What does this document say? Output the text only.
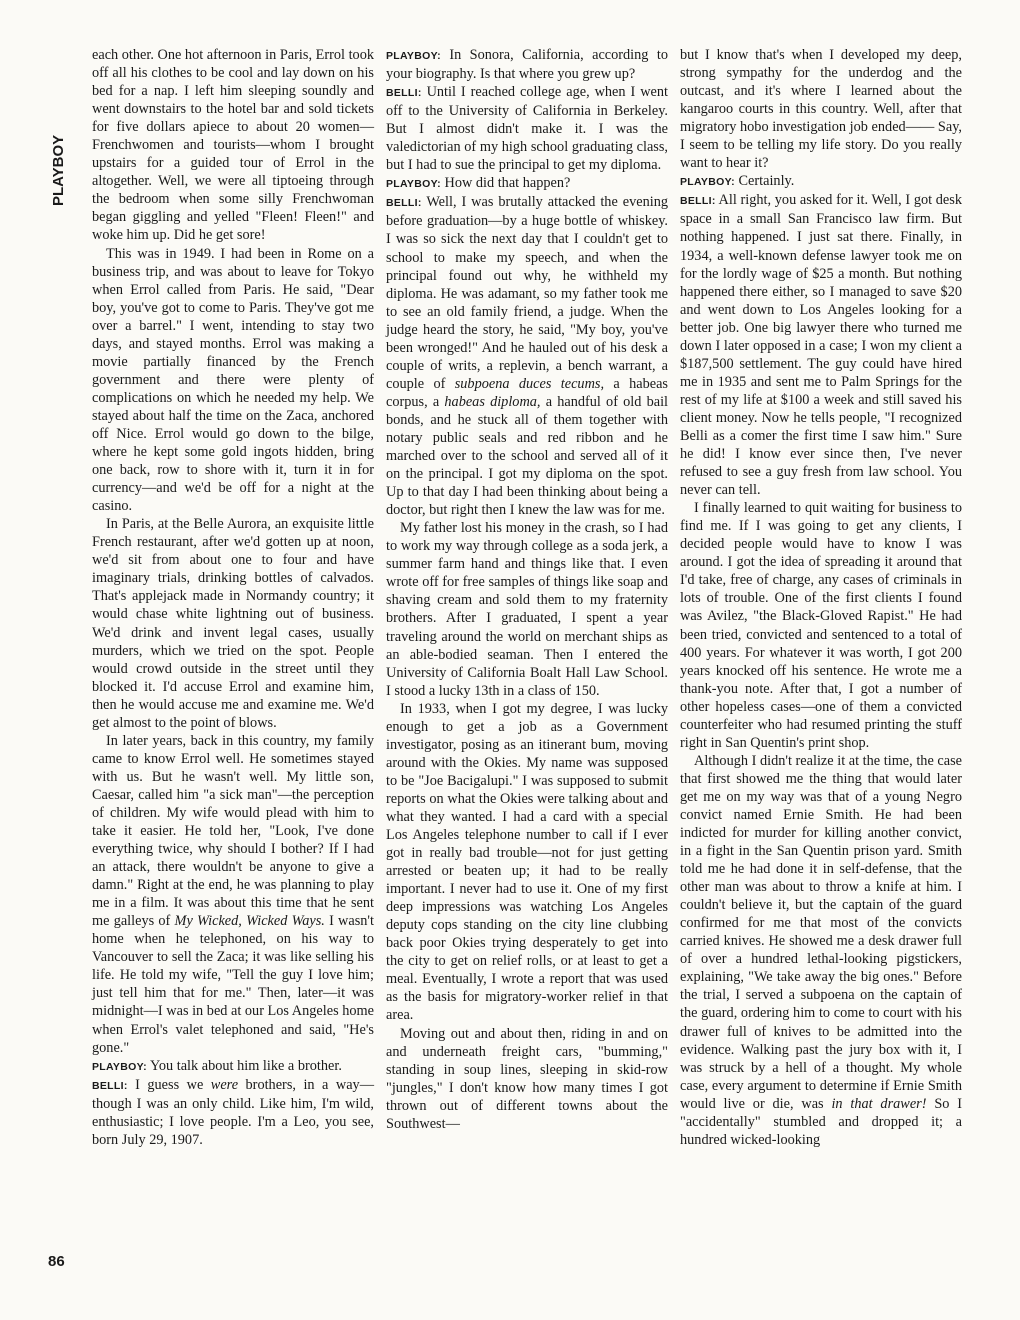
PLAYBOY

each other. One hot afternoon in Paris, Errol took off all his clothes to be cool and lay down on his bed for a nap. I left him sleeping soundly and went downstairs to the hotel bar and sold tickets for five dollars apiece to about 20 women—Frenchwomen and tourists—whom I brought upstairs for a guided tour of Errol in the altogether. Well, we were all tiptoeing through the bedroom when some silly Frenchwoman began giggling and yelled "Fleen! Fleen!" and woke him up. Did he get sore!

This was in 1949. I had been in Rome on a business trip, and was about to leave for Tokyo when Errol called from Paris. He said, "Dear boy, you've got to come to Paris. They've got me over a barrel." I went, intending to stay two days, and stayed months. Errol was making a movie partially financed by the French government and there were plenty of complications on which he needed my help. We stayed about half the time on the Zaca, anchored off Nice. Errol would go down to the bilge, where he kept some gold ingots hidden, bring one back, row to shore with it, turn it in for currency—and we'd be off for a night at the casino.

In Paris, at the Belle Aurora, an exquisite little French restaurant, after we'd gotten up at noon, we'd sit from about one to four and have imaginary trials, drinking bottles of calvados. That's applejack made in Normandy country; it would chase white lightning out of business. We'd drink and invent legal cases, usually murders, which we tried on the spot. People would crowd outside in the street until they blocked it. I'd accuse Errol and examine him, then he would accuse me and examine me. We'd get almost to the point of blows.

In later years, back in this country, my family came to know Errol well. He sometimes stayed with us. But he wasn't well. My little son, Caesar, called him "a sick man"—the perception of children. My wife would plead with him to take it easier. He told her, "Look, I've done everything twice, why should I bother? If I had an attack, there wouldn't be anyone to give a damn." Right at the end, he was planning to play me in a film. It was about this time that he sent me galleys of My Wicked, Wicked Ways. I wasn't home when he telephoned, on his way to Vancouver to sell the Zaca; it was like selling his life. He told my wife, "Tell the guy I love him; just tell him that for me." Then, later—it was midnight—I was in bed at our Los Angeles home when Errol's valet telephoned and said, "He's gone."

PLAYBOY: You talk about him like a brother.

BELLI: I guess we were brothers, in a way—though I was an only child. Like him, I'm wild, enthusiastic; I love people. I'm a Leo, you see, born July 29, 1907.

PLAYBOY: In Sonora, California, according to your biography. Is that where you grew up?

BELLI: Until I reached college age, when I went off to the University of California in Berkeley. But I almost didn't make it. I was the valedictorian of my high school graduating class, but I had to sue the principal to get my diploma.

PLAYBOY: How did that happen?

BELLI: Well, I was brutally attacked the evening before graduation—by a huge bottle of whiskey. I was so sick the next day that I couldn't get to school to make my speech, and when the principal found out why, he withheld my diploma. He was adamant, so my father took me to see an old family friend, a judge. When the judge heard the story, he said, "My boy, you've been wronged!" And he hauled out of his desk a couple of writs, a replevin, a bench warrant, a couple of subpoena duces tecums, a habeas corpus, a habeas diploma, a handful of old bail bonds, and he stuck all of them together with notary public seals and red ribbon and he marched over to the school and served all of it on the principal. I got my diploma on the spot. Up to that day I had been thinking about being a doctor, but right then I knew the law was for me.

My father lost his money in the crash, so I had to work my way through college as a soda jerk, a summer farm hand and things like that. I even wrote off for free samples of things like soap and shaving cream and sold them to my fraternity brothers. After I graduated, I spent a year traveling around the world on merchant ships as an able-bodied seaman. Then I entered the University of California Boalt Hall Law School. I stood a lucky 13th in a class of 150.

In 1933, when I got my degree, I was lucky enough to get a job as a Government investigator, posing as an itinerant bum, moving around with the Okies. My name was supposed to be "Joe Bacigalupi." I was supposed to submit reports on what the Okies were talking about and what they wanted. I had a card with a special Los Angeles telephone number to call if I ever got in really bad trouble—not for just getting arrested or beaten up; it had to be really important. I never had to use it. One of my first deep impressions was watching Los Angeles deputy cops standing on the city line clubbing back poor Okies trying desperately to get into the city to get on relief rolls, or at least to get a meal. Eventually, I wrote a report that was used as the basis for migratory-worker relief in that area.

Moving out and about then, riding in and on and underneath freight cars, "bumming," standing in soup lines, sleeping in skid-row "jungles," I don't know how many times I got thrown out of different towns about the Southwest—

but I know that's when I developed my deep, strong sympathy for the underdog and the outcast, and it's where I learned about the kangaroo courts in this country. Well, after that migratory hobo investigation job ended—— Say, I seem to be telling my life story. Do you really want to hear it?

PLAYBOY: Certainly.

BELLI: All right, you asked for it. Well, I got desk space in a small San Francisco law firm. But nothing happened. I just sat there. Finally, in 1934, a well-known defense lawyer took me on for the lordly wage of $25 a month. But nothing happened there either, so I managed to save $20 and went down to Los Angeles looking for a better job. One big lawyer there who turned me down I later opposed in a case; I won my client a $187,500 settlement. The guy could have hired me in 1935 and sent me to Palm Springs for the rest of my life at $100 a week and still saved his client money. Now he tells people, "I recognized Belli as a comer the first time I saw him." Sure he did! I know ever since then, I've never refused to see a guy fresh from law school. You never can tell.

I finally learned to quit waiting for business to find me. If I was going to get any clients, I decided people would have to know I was around. I got the idea of spreading it around that I'd take, free of charge, any cases of criminals in lots of trouble. One of the first clients I found was Avilez, "the Black-Gloved Rapist." He had been tried, convicted and sentenced to a total of 400 years. For whatever it was worth, I got 200 years knocked off his sentence. He wrote me a thank-you note. After that, I got a number of other hopeless cases—one of them a convicted counterfeiter who had resumed printing the stuff right in San Quentin's print shop.

Although I didn't realize it at the time, the case that first showed me the thing that would later get me on my way was that of a young Negro convict named Ernie Smith. He had been indicted for murder for killing another convict, in a fight in the San Quentin prison yard. Smith told me he had done it in self-defense, that the other man was about to throw a knife at him. I couldn't believe it, but the captain of the guard confirmed for me that most of the convicts carried knives. He showed me a desk drawer full of over a hundred lethal-looking pigstickers, explaining, "We take away the big ones." Before the trial, I served a subpoena on the captain of the guard, ordering him to come to court with his drawer full of knives to be admitted into the evidence. Walking past the jury box with it, I was struck by a hell of a thought. My whole case, every argument to determine if Ernie Smith would live or die, was in that drawer! So I "accidentally" stumbled and dropped it; a hundred wicked-looking

86
